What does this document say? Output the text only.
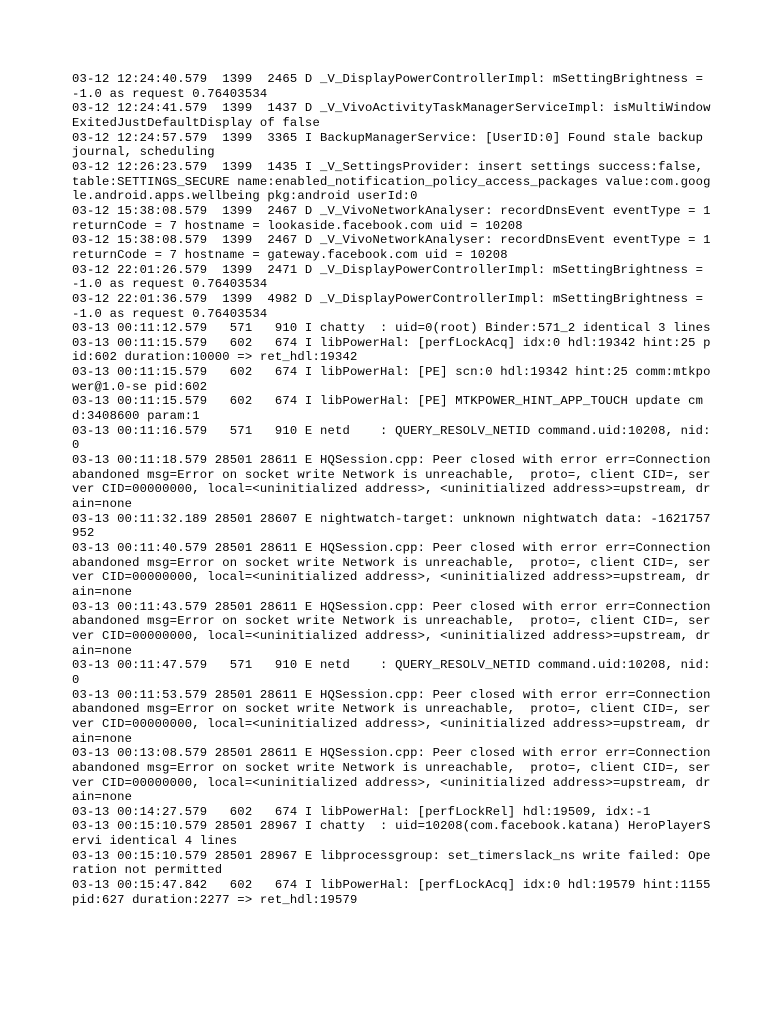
03-12 12:24:40.579  1399  2465 D _V_DisplayPowerControllerImpl: mSettingBrightness = -1.0 as request 0.76403534
03-12 12:24:41.579  1399  1437 D _V_VivoActivityTaskManagerServiceImpl: isMultiWindowExitedJustDefaultDisplay of false
03-12 12:24:57.579  1399  3365 I BackupManagerService: [UserID:0] Found stale backup journal, scheduling
03-12 12:26:23.579  1399  1435 I _V_SettingsProvider: insert settings success:false, table:SETTINGS_SECURE name:enabled_notification_policy_access_packages value:com.google.android.apps.wellbeing pkg:android userId:0
03-12 15:38:08.579  1399  2467 D _V_VivoNetworkAnalyser: recordDnsEvent eventType = 1 returnCode = 7 hostname = lookaside.facebook.com uid = 10208
03-12 15:38:08.579  1399  2467 D _V_VivoNetworkAnalyser: recordDnsEvent eventType = 1 returnCode = 7 hostname = gateway.facebook.com uid = 10208
03-12 22:01:26.579  1399  2471 D _V_DisplayPowerControllerImpl: mSettingBrightness = -1.0 as request 0.76403534
03-12 22:01:36.579  1399  4982 D _V_DisplayPowerControllerImpl: mSettingBrightness = -1.0 as request 0.76403534
03-13 00:11:12.579   571   910 I chatty  : uid=0(root) Binder:571_2 identical 3 lines
03-13 00:11:15.579   602   674 I libPowerHal: [perfLockAcq] idx:0 hdl:19342 hint:25 pid:602 duration:10000 => ret_hdl:19342
03-13 00:11:15.579   602   674 I libPowerHal: [PE] scn:0 hdl:19342 hint:25 comm:mtkpower@1.0-se pid:602
03-13 00:11:15.579   602   674 I libPowerHal: [PE] MTKPOWER_HINT_APP_TOUCH update cmd:3408600 param:1
03-13 00:11:16.579   571   910 E netd    : QUERY_RESOLV_NETID command.uid:10208, nid:0
03-13 00:11:18.579 28501 28611 E HQSession.cpp: Peer closed with error err=Connection abandoned msg=Error on socket write Network is unreachable,  proto=, client CID=, server CID=00000000, local=<uninitialized address>, <uninitialized address>=upstream, drain=none
03-13 00:11:32.189 28501 28607 E nightwatch-target: unknown nightwatch data: -1621757952
03-13 00:11:40.579 28501 28611 E HQSession.cpp: Peer closed with error err=Connection abandoned msg=Error on socket write Network is unreachable,  proto=, client CID=, server CID=00000000, local=<uninitialized address>, <uninitialized address>=upstream, drain=none
03-13 00:11:43.579 28501 28611 E HQSession.cpp: Peer closed with error err=Connection abandoned msg=Error on socket write Network is unreachable,  proto=, client CID=, server CID=00000000, local=<uninitialized address>, <uninitialized address>=upstream, drain=none
03-13 00:11:47.579   571   910 E netd    : QUERY_RESOLV_NETID command.uid:10208, nid:0
03-13 00:11:53.579 28501 28611 E HQSession.cpp: Peer closed with error err=Connection abandoned msg=Error on socket write Network is unreachable,  proto=, client CID=, server CID=00000000, local=<uninitialized address>, <uninitialized address>=upstream, drain=none
03-13 00:13:08.579 28501 28611 E HQSession.cpp: Peer closed with error err=Connection abandoned msg=Error on socket write Network is unreachable,  proto=, client CID=, server CID=00000000, local=<uninitialized address>, <uninitialized address>=upstream, drain=none
03-13 00:14:27.579   602   674 I libPowerHal: [perfLockRel] hdl:19509, idx:-1
03-13 00:15:10.579 28501 28967 I chatty  : uid=10208(com.facebook.katana) HeroPlayerServi identical 4 lines
03-13 00:15:10.579 28501 28967 E libprocessgroup: set_timerslack_ns write failed: Operation not permitted
03-13 00:15:47.842   602   674 I libPowerHal: [perfLockAcq] idx:0 hdl:19579 hint:1155 pid:627 duration:2277 => ret_hdl:19579
